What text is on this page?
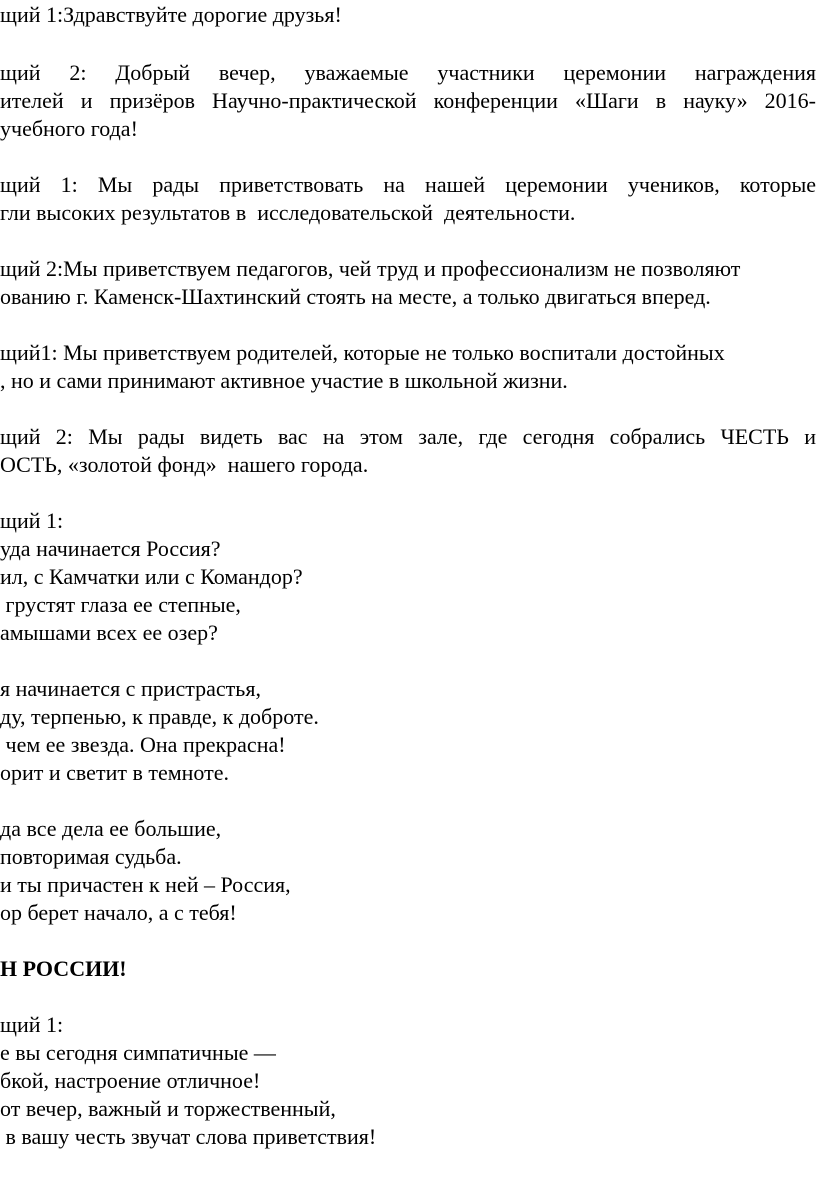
щий 1:Здравствуйте дорогие друзья!
щий 2: Добрый вечер, уважаемые участники церемонии награждения
ителей и призёров Научно-практической конференции «Шаги в науку» 2016-
учебного года!
щий 1: Мы рады приветствовать на нашей церемонии учеников, которые
гли высоких результатов в  исследовательской  деятельности.
щий 2:Мы приветствуем педагогов, чей труд и профессионализм не позволяют
ованию г. Каменск-Шахтинский стоять на месте, а только двигаться вперед.
щий1: Мы приветствуем родителей, которые не только воспитали достойных
, но и сами принимают активное участие в школьной жизни.
щий 2: Мы рады видеть вас на этом зале, где сегодня собрались ЧЕСТЬ и
ОСТЬ, «золотой фонд»  нашего города.
щий 1:
уда начинается Россия?
ил, с Камчатки или с Командор?
грустят глаза ее степные,
амышами всех ее озер?
я начинается с пристрастья,
ду, терпенью, к правде, к доброте.
чем ее звезда. Она прекрасна!
орит и светит в темноте.
да все дела ее большие,
повторимая судьба.
и ты причастен к ней – Россия,
ор берет начало, а с тебя!
Н РОССИИ!
щий 1:
е вы сегодня симпатичные —
бкой, настроение отличное!
от вечер, важный и торжественный,
в вашу честь звучат слова приветствия!
